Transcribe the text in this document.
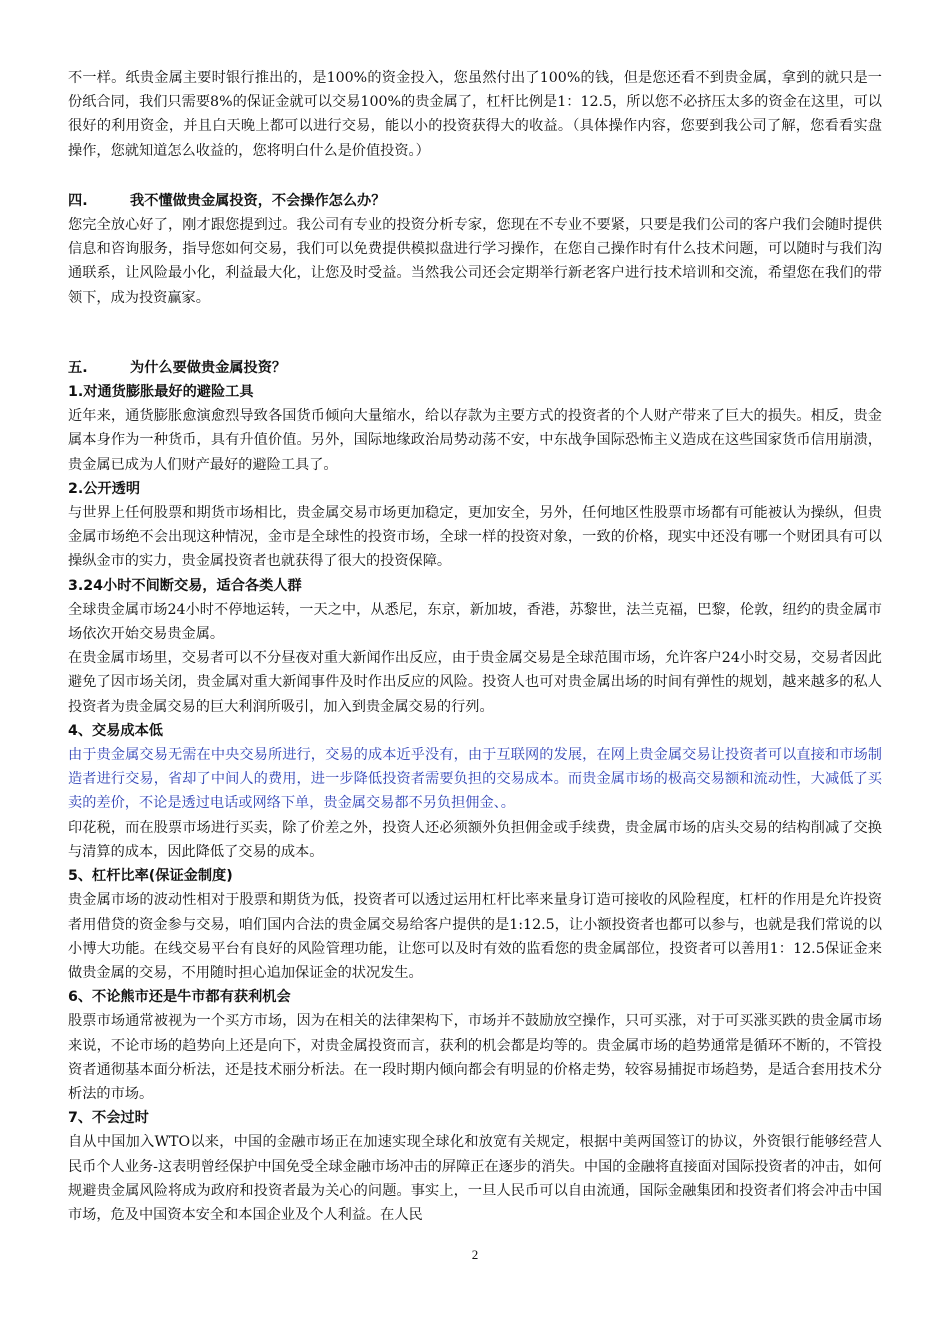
不一样。纸贵金属主要时银行推出的，是100%的资金投入，您虽然付出了100%的钱，但是您还看不到贵金属，拿到的就只是一份纸合同，我们只需要8%的保证金就可以交易100%的贵金属了，杠杆比例是1：12.5，所以您不必挤压太多的资金在这里，可以很好的利用资金，并且白天晚上都可以进行交易，能以小的投资获得大的收益。（具体操作内容，您要到我公司了解，您看看实盘操作，您就知道怎么收益的，您将明白什么是价值投资。）

四.	我不懂做贵金属投资，不会操作怎么办？

您完全放心好了，刚才跟您提到过。我公司有专业的投资分析专家，您现在不专业不要紧，只要是我们公司的客户我们会随时提供信息和咨询服务，指导您如何交易，我们可以免费提供模拟盘进行学习操作，在您自己操作时有什么技术问题，可以随时与我们沟通联系，让风险最小化，利益最大化，让您及时受益。当然我公司还会定期举行新老客户进行技术培训和交流，希望您在我们的带领下，成为投资赢家。

五.	为什么要做贵金属投资？
1.对通货膨胀最好的避险工具

近年来，通货膨胀愈演愈烈导致各国货币倾向大量缩水，给以存款为主要方式的投资者的个人财产带来了巨大的损失。相反，贵金属本身作为一种货币，具有升值价值。另外，国际地缘政治局势动荡不安，中东战争国际恐怖主义造成在这些国家货币信用崩溃，贵金属已成为人们财产最好的避险工具了。

2.公开透明

与世界上任何股票和期货市场相比，贵金属交易市场更加稳定，更加安全，另外，任何地区性股票市场都有可能被认为操纵，但贵金属市场绝不会出现这种情况，金市是全球性的投资市场，全球一样的投资对象，一致的价格，现实中还没有哪一个财团具有可以操纵金市的实力，贵金属投资者也就获得了很大的投资保障。

3.24小时不间断交易，适合各类人群

全球贵金属市场24小时不停地运转，一天之中，从悉尼，东京，新加坡，香港，苏黎世，法兰克福，巴黎，伦敦，纽约的贵金属市场依次开始交易贵金属。

在贵金属市场里，交易者可以不分昼夜对重大新闻作出反应，由于贵金属交易是全球范围市场，允许客户24小时交易，交易者因此避免了因市场关闭，贵金属对重大新闻事件及时作出反应的风险。投资人也可对贵金属出场的时间有弹性的规划，越来越多的私人投资者为贵金属交易的巨大利润所吸引，加入到贵金属交易的行列。

4、交易成本低

由于贵金属交易无需在中央交易所进行，交易的成本近乎没有，由于互联网的发展，在网上贵金属交易让投资者可以直接和市场制造者进行交易，省却了中间人的费用，进一步降低投资者需要负担的交易成本。而贵金属市场的极高交易额和流动性，大减低了买卖的差价，不论是透过电话或网络下单，贵金属交易都不另负担佣金、。

印花税，而在股票市场进行买卖，除了价差之外，投资人还必须额外负担佣金或手续费，贵金属市场的店头交易的结构削减了交换与清算的成本，因此降低了交易的成本。

5、杠杆比率(保证金制度)

贵金属市场的波动性相对于股票和期货为低，投资者可以透过运用杠杆比率来量身订造可接收的风险程度，杠杆的作用是允许投资者用借贷的资金参与交易，咱们国内合法的贵金属交易给客户提供的是1:12.5，让小额投资者也都可以参与，也就是我们常说的以小博大功能。在线交易平台有良好的风险管理功能，让您可以及时有效的监看您的贵金属部位，投资者可以善用1：12.5保证金来做贵金属的交易，不用随时担心追加保证金的状况发生。

6、不论熊市还是牛市都有获利机会

股票市场通常被视为一个买方市场，因为在相关的法律架构下，市场并不鼓励放空操作，只可买涨，对于可买涨买跌的贵金属市场来说，不论市场的趋势向上还是向下，对贵金属投资而言，获利的机会都是均等的。贵金属市场的趋势通常是循环不断的，不管投资者通彻基本面分析法，还是技术丽分析法。在一段时期内倾向都会有明显的价格走势，较容易捕捉市场趋势，是适合套用技术分析法的市场。

7、不会过时

自从中国加入WTO以来，中国的金融市场正在加速实现全球化和放宽有关规定，根据中美两国签订的协议，外资银行能够经营人民币个人业务-这表明曾经保护中国免受全球金融市场冲击的屏障正在逐步的消失。中国的金融将直接面对国际投资者的冲击，如何规避贵金属风险将成为政府和投资者最为关心的问题。事实上，一旦人民币可以自由流通，国际金融集团和投资者们将会冲击中国市场，危及中国资本安全和本国企业及个人利益。在人民

2
